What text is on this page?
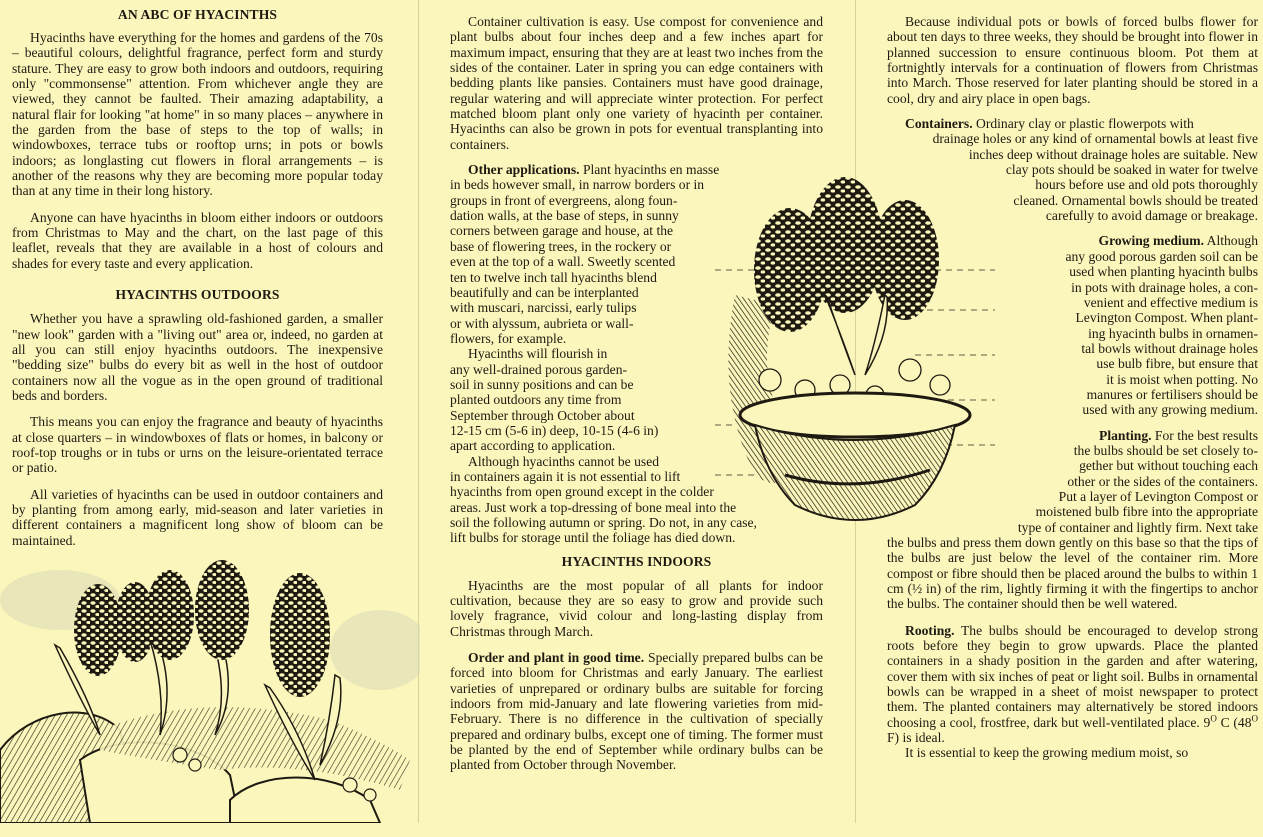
AN ABC OF HYACINTHS

Hyacinths have everything for the homes and gardens of the 70s – beautiful colours, delightful fragrance, perfect form and sturdy stature. They are easy to grow both indoors and outdoors, requiring only "commonsense" attention. From whichever angle they are viewed, they cannot be faulted. Their amazing adaptability, a natural flair for looking "at home" in so many places – anywhere in the garden from the base of steps to the top of walls; in windowboxes, terrace tubs or rooftop urns; in pots or bowls indoors; as longlasting cut flowers in floral arrangements – is another of the reasons why they are becoming more popular today than at any time in their long history.

Anyone can have hyacinths in bloom either indoors or outdoors from Christmas to May and the chart, on the last page of this leaflet, reveals that they are available in a host of colours and shades for every taste and every application.

HYACINTHS OUTDOORS

Whether you have a sprawling old-fashioned garden, a smaller "new look" garden with a "living out" area or, indeed, no garden at all you can still enjoy hyacinths outdoors. The inexpensive "bedding size" bulbs do every bit as well in the host of outdoor containers now all the vogue as in the open ground of traditional beds and borders.

This means you can enjoy the fragrance and beauty of hyacinths at close quarters – in windowboxes of flats or homes, in balcony or roof-top troughs or in tubs or urns on the leisure-orientated terrace or patio.

All varieties of hyacinths can be used in outdoor containers and by planting from among early, mid-season and later varieties in different containers a magnificent long show of bloom can be maintained.

Container cultivation is easy. Use compost for convenience and plant bulbs about four inches deep and a few inches apart for maximum impact, ensuring that they are at least two inches from the sides of the container. Later in spring you can edge containers with bedding plants like pansies. Containers must have good drainage, regular watering and will appreciate winter protection. For perfect matched bloom plant only one variety of hyacinth per container. Hyacinths can also be grown in pots for eventual transplanting into containers.

Other applications. Plant hyacinths en masse
in beds however small, in narrow borders or in
groups in front of evergreens, along foun-
dation walls, at the base of steps, in sunny
corners between garage and house, at the
base of flowering trees, in the rockery or
even at the top of a wall. Sweetly scented
ten to twelve inch tall hyacinths blend
beautifully and can be interplanted
with muscari, narcissi, early tulips
or with alyssum, aubrieta or wall-
flowers, for example.
Hyacinths will flourish in
any well-drained porous garden-
soil in sunny positions and can be
planted outdoors any time from
September through October about
12-15 cm (5-6 in) deep, 10-15 (4-6 in)
apart according to application.
Although hyacinths cannot be used
in containers again it is not essential to lift
hyacinths from open ground except in the colder
areas. Just work a top-dressing of bone meal into the
soil the following autumn or spring. Do not, in any case,
lift bulbs for storage until the foliage has died down.
HYACINTHS INDOORS

Hyacinths are the most popular of all plants for indoor cultivation, because they are so easy to grow and provide such lovely fragrance, vivid colour and long-lasting display from Christmas through March.

Order and plant in good time. Specially prepared bulbs can be forced into bloom for Christmas and early January. The earliest varieties of unprepared or ordinary bulbs are suitable for forcing indoors from mid-January and late flowering varieties from mid-February. There is no difference in the cultivation of specially prepared and ordinary bulbs, except one of timing. The former must be planted by the end of September while ordinary bulbs can be planted from October through November.

Because individual pots or bowls of forced bulbs flower for about ten days to three weeks, they should be brought into flower in planned succession to ensure continuous bloom. Pot them at fortnightly intervals for a continuation of flowers from Christmas into March. Those reserved for later planting should be stored in a cool, dry and airy place in open bags.

Containers. Ordinary clay or plastic flowerpots with
drainage holes or any kind of ornamental bowls at least five
inches deep without drainage holes are suitable. New
clay pots should be soaked in water for twelve
hours before use and old pots thoroughly
cleaned. Ornamental bowls should be treated
carefully to avoid damage or breakage.
Growing medium. Although
any good porous garden soil can be
used when planting hyacinth bulbs
in pots with drainage holes, a con-
venient and effective medium is
Levington Compost. When plant-
ing hyacinth bulbs in ornamen-
tal bowls without drainage holes
use bulb fibre, but ensure that
it is moist when potting. No
manures or fertilisers should be
used with any growing medium.
Planting. For the best results
the bulbs should be set closely to-
gether but without touching each
other or the sides of the containers.
Put a layer of Levington Compost or
moistened bulb fibre into the appropriate
type of container and lightly firm. Next take

the bulbs and press them down gently on this base so that the tips of the bulbs are just below the level of the container rim. More compost or fibre should then be placed around the bulbs to within 1 cm (½ in) of the rim, lightly firming it with the fingertips to anchor the bulbs. The container should then be well watered.

Rooting. The bulbs should be encouraged to develop strong roots before they begin to grow upwards. Place the planted containers in a shady position in the garden and after watering, cover them with six inches of peat or light soil. Bulbs in ornamental bowls can be wrapped in a sheet of moist newspaper to protect them. The planted containers may alternatively be stored indoors choosing a cool, frostfree, dark but well-ventilated place. $9^O$ C ($48^O$ F) is ideal.

It is essential to keep the growing medium moist, so
